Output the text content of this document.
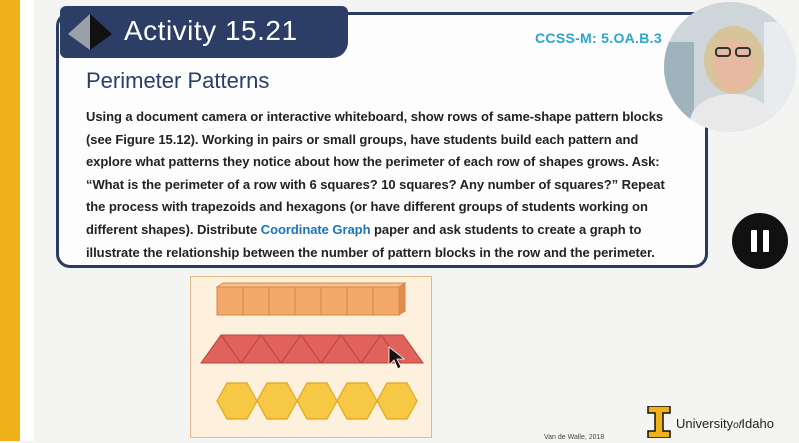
Activity 15.21	CCSS-M: 5.OA.B.3
Perimeter Patterns
Using a document camera or interactive whiteboard, show rows of same-shape pattern blocks (see Figure 15.12). Working in pairs or small groups, have students build each pattern and explore what patterns they notice about how the perimeter of each row of shapes grows. Ask: “What is the perimeter of a row with 6 squares? 10 squares? Any number of squares?” Repeat the process with trapezoids and hexagons (or have different groups of students working on different shapes). Distribute Coordinate Graph paper and ask students to create a graph to illustrate the relationship between the number of pattern blocks in the row and the perimeter.
UniversityofIdaho
Van de Walle, 2018
